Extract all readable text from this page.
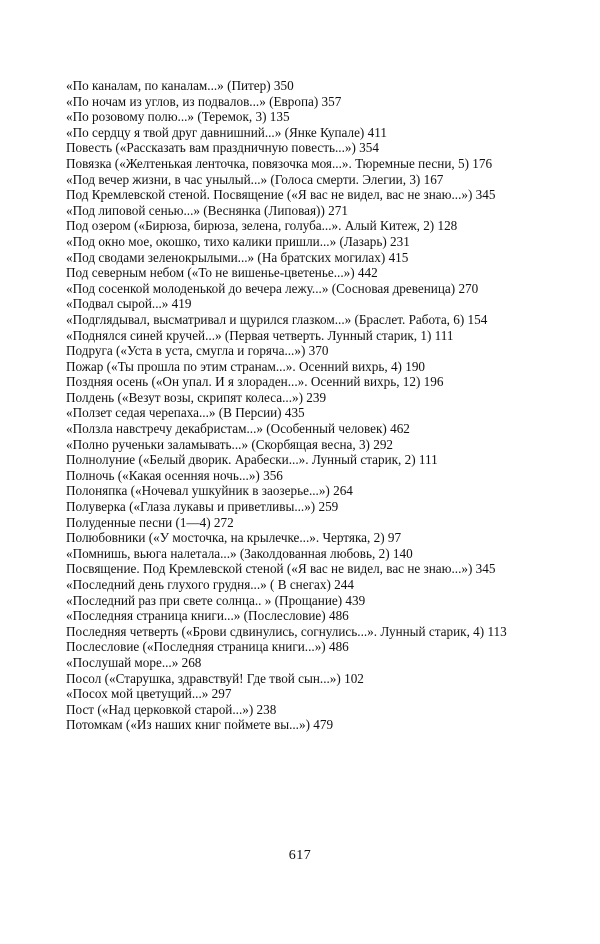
«По каналам, по каналам...» (Питер) 350
«По ночам из углов, из подвалов...» (Европа) 357
«По розовому полю...» (Теремок, 3) 135
«По сердцу я твой друг давнишний...» (Янке Купале) 411
Повесть («Рассказать вам праздничную повесть...») 354
Повязка («Желтенькая ленточка, повязочка моя...». Тюремные песни, 5) 176
«Под вечер жизни, в час унылый...» (Голоса смерти. Элегии, 3) 167
Под Кремлевской стеной. Посвящение («Я вас не видел, вас не знаю...») 345
«Под липовой сенью...» (Веснянка (Липовая)) 271
Под озером («Бирюза, бирюза, зелена, голуба...». Алый Китеж, 2) 128
«Под окно мое, окошко, тихо калики пришли...» (Лазарь) 231
«Под сводами зеленокрылыми...» (На братских могилах) 415
Под северным небом («То не вишенье-цветенье...») 442
«Под сосенкой молоденькой до вечера лежу...» (Сосновая древеница) 270
«Подвал сырой...» 419
«Подглядывал, высматривал и щурился глазком...» (Браслет. Работа, 6) 154
«Поднялся синей кручей...» (Первая четверть. Лунный старик, 1) 111
Подруга («Уста в уста, смугла и горяча...») 370
Пожар («Ты прошла по этим странам...». Осенний вихрь, 4) 190
Поздняя осень («Он упал. И я злораден...». Осенний вихрь, 12) 196
Полдень («Везут возы, скрипят колеса...») 239
«Ползет седая черепаха...» (В Персии) 435
«Ползла навстречу декабристам...» (Особенный человек) 462
«Полно рученьки заламывать...» (Скорбящая весна, 3) 292
Полнолуние («Белый дворик. Арабески...». Лунный старик, 2) 111
Полночь («Какая осенняя ночь...») 356
Полоняпка («Ночевал ушкуйник в заозерье...») 264
Полуверка («Глаза лукавы и приветливы...») 259
Полуденные песни (1—4) 272
Полюбовники («У мосточка, на крылечке...». Чертяка, 2) 97
«Помнишь, вьюга налетала...» (Заколдованная любовь, 2) 140
Посвящение. Под Кремлевской стеной («Я вас не видел, вас не знаю...») 345
«Последний день глухого грудня...» ( В снегах) 244
«Последний раз при свете солнца.. » (Прощание) 439
«Последняя страница книги...» (Послесловие) 486
Последняя четверть («Брови сдвинулись, согнулись...». Лунный старик, 4) 113
Послесловие («Последняя страница книги...») 486
«Послушай море...» 268
Посол («Старушка, здравствуй! Где твой сын...») 102
«Посох мой цветущий...» 297
Пост («Над церковкой старой...») 238
Потомкам («Из наших книг поймете вы...») 479
617
